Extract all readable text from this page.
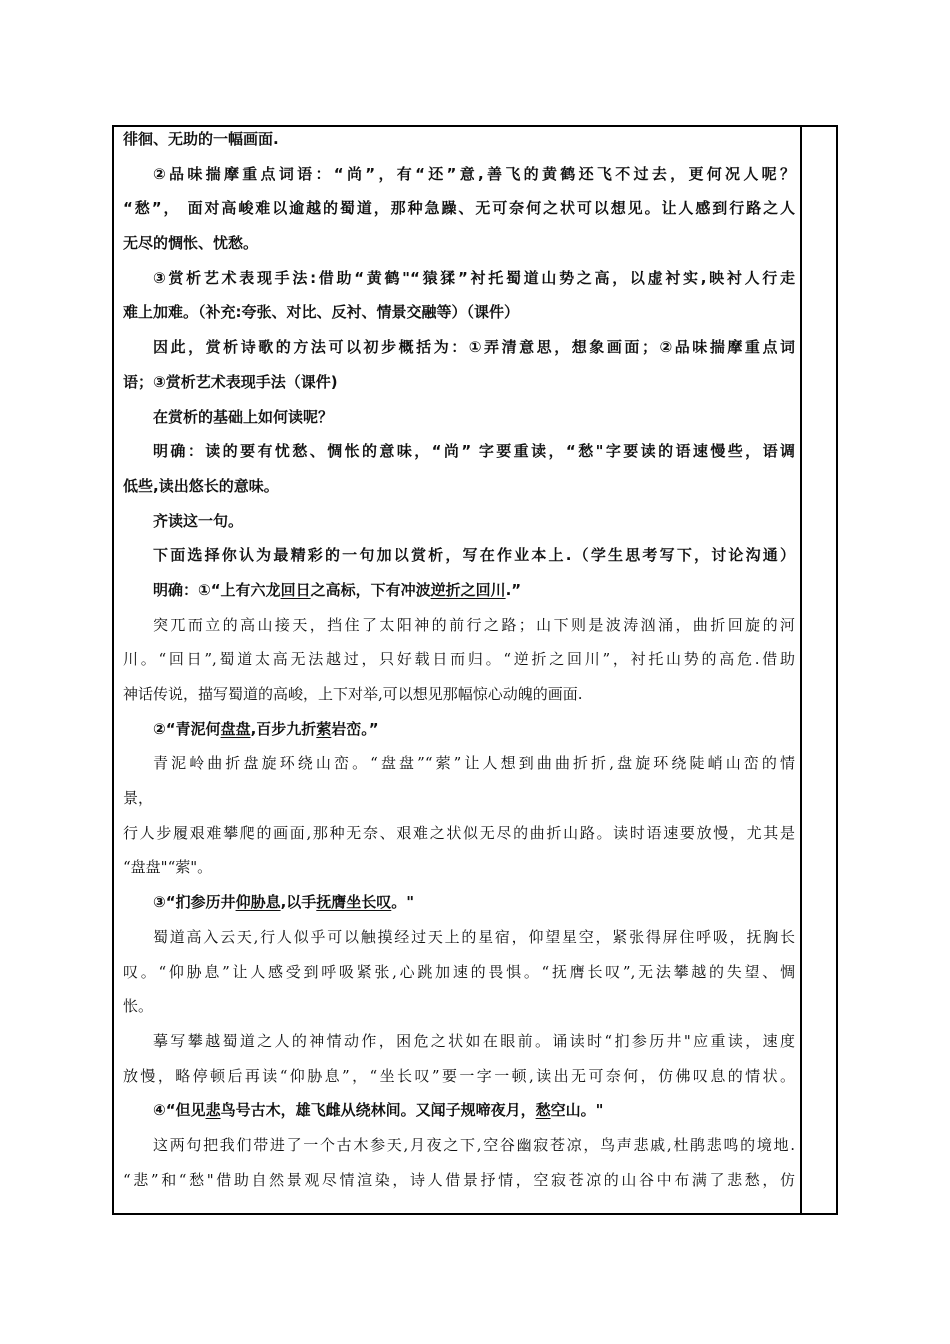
徘徊、无助的一幅画面.
②品味揣摩重点词语：“尚”，有“还”意,善飞的黄鹤还飞不过去，更何况人呢？
“愁”， 面对高峻难以逾越的蜀道，那种急躁、无可奈何之状可以想见。让人感到行路之人
无尽的惆怅、忧愁。
③赏析艺术表现手法:借助“黄鹤"“猿猱”衬托蜀道山势之高，以虚衬实,映衬人行走
难上加难。（补充:夸张、对比、反衬、情景交融等）（课件）
因此，赏析诗歌的方法可以初步概括为：①弄清意思，想象画面；②品味揣摩重点词
语；③赏析艺术表现手法（课件)
在赏析的基础上如何读呢？
明确：读的要有忧愁、惆怅的意味，“尚” 字要重读，“愁"字要读的语速慢些，语调
低些,读出悠长的意味。
齐读这一句。
下面选择你认为最精彩的一句加以赏析，写在作业本上.（学生思考写下，讨论沟通）
明确：①“上有六龙回日之高标，下有冲波逆折之回川.”
突兀而立的高山接天，挡住了太阳神的前行之路；山下则是波涛汹涌，曲折回旋的河
川。“回日”,蜀道太高无法越过，只好载日而归。“逆折之回川”，衬托山势的高危.借助
神话传说，描写蜀道的高峻，上下对举,可以想见那幅惊心动魄的画面.
②“青泥何盘盘,百步九折萦岩峦。”
青泥岭曲折盘旋环绕山峦。“盘盘”“萦”让人想到曲曲折折,盘旋环绕陡峭山峦的情
景，
行人步履艰难攀爬的画面,那种无奈、艰难之状似无尽的曲折山路。读时语速要放慢，尤其是
“盘盘"“萦"。
③“扪参历井仰胁息,以手抚膺坐长叹。"
蜀道高入云天,行人似乎可以触摸经过天上的星宿，仰望星空，紧张得屏住呼吸，抚胸长
叹。“仰胁息”让人感受到呼吸紧张,心跳加速的畏惧。“抚膺长叹”,无法攀越的失望、惆
怅。
摹写攀越蜀道之人的神情动作，困危之状如在眼前。诵读时“扪参历井"应重读，速度
放慢，略停顿后再读“仰胁息”，“坐长叹”要一字一顿,读出无可奈何，仿佛叹息的情状。
④“但见悲鸟号古木，雄飞雌从绕林间。又闻子规啼夜月，愁空山。"
这两句把我们带进了一个古木参天,月夜之下,空谷幽寂苍凉，鸟声悲戚,杜鹃悲鸣的境地.
“悲”和“愁"借助自然景观尽情渲染，诗人借景抒情，空寂苍凉的山谷中布满了悲愁，仿
